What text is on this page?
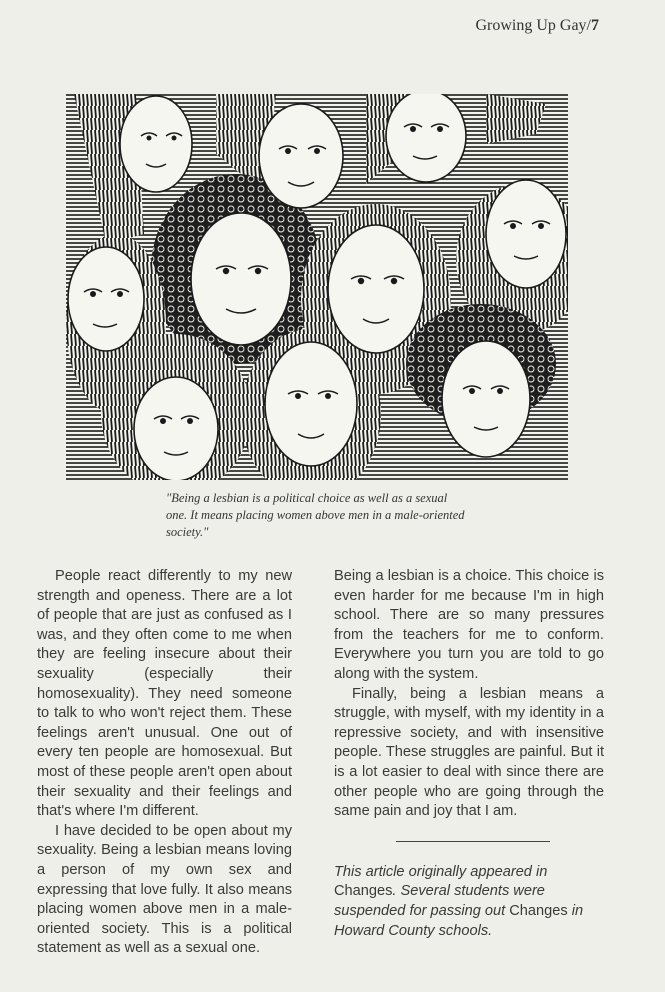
Growing Up Gay/7
"Being a lesbian is a political choice as well as a sexual one. It means placing women above men in a male-oriented society."

People react differently to my new strength and openess. There are a lot of people that are just as confused as I was, and they often come to me when they are feeling insecure about their sexuality (especially their homosexuality). They need someone to talk to who won't reject them. These feelings aren't unusual. One out of every ten people are homosexual. But most of these people aren't open about their sexuality and their feelings and that's where I'm different.

I have decided to be open about my sexuality. Being a lesbian means loving a person of my own sex and expressing that love fully. It also means placing women above men in a male-oriented society. This is a political statement as well as a sexual one.

Being a lesbian is a choice. This choice is even harder for me because I'm in high school. There are so many pressures from the teachers for me to conform. Everywhere you turn you are told to go along with the system.

Finally, being a lesbian means a struggle, with myself, with my identity in a repressive society, and with insensitive people. These struggles are painful. But it is a lot easier to deal with since there are other people who are going through the same pain and joy that I am.

This article originally appeared in Changes. Several students were suspended for passing out Changes in Howard County schools.
